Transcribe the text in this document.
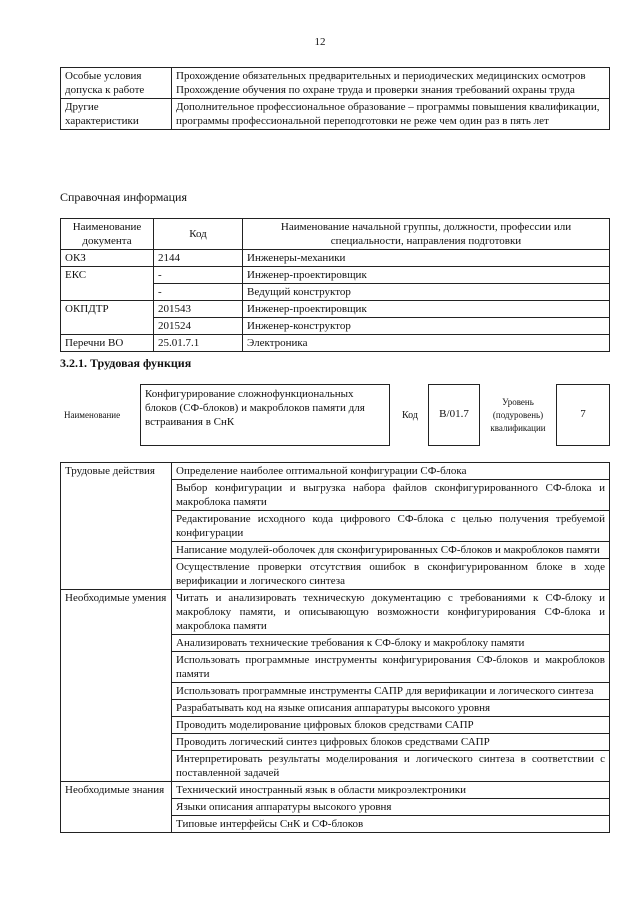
12
Особые условия допуска к работе	Прохождение обязательных предварительных и периодических медицинских осмотров
Прохождение обучения по охране труда и проверки знания требований охраны труда

Другие характеристики	Дополнительное профессиональное образование – программы повышения квалификации, программы профессиональной переподготовки не реже чем один раз в пять лет
Справочная информация
Наименование документа	Код	Наименование начальной группы, должности, профессии или специальности, направления подготовки
ОКЗ	2144	Инженеры-механики
ЕКС	-	Инженер-проектировщик
	-	Ведущий конструктор
ОКПДТР	201543	Инженер-проектировщик
	201524	Инженер-конструктор
Перечни ВО	25.01.7.1	Электроника
3.2.1. Трудовая функция
Наименование
Конфигурирование сложнофункциональных блоков (СФ-блоков) и макроблоков памяти для встраивания в СнК
Код	B/01.7
Уровень (подуровень) квалификации
7
Трудовые действия	Определение наиболее оптимальной конфигурации СФ-блока
	Выбор конфигурации и выгрузка набора файлов сконфигурированного СФ-блока и макроблока памяти
	Редактирование исходного кода цифрового СФ-блока с целью получения требуемой конфигурации
	Написание модулей-оболочек для сконфигурированных СФ-блоков и макроблоков памяти
	Осуществление проверки отсутствия ошибок в сконфигурированном блоке в ходе верификации и логического синтеза
Необходимые умения	Читать и анализировать техническую документацию с требованиями к СФ-блоку и макроблоку памяти, и описывающую возможности конфигурирования СФ-блока и макроблока памяти
	Анализировать технические требования к СФ-блоку и макроблоку памяти
	Использовать программные инструменты конфигурирования СФ-блоков и макроблоков памяти
	Использовать программные инструменты САПР для верификации и логического синтеза
	Разрабатывать код на языке описания аппаратуры высокого уровня
	Проводить моделирование цифровых блоков средствами САПР
	Проводить логический синтез цифровых блоков средствами САПР
	Интерпретировать результаты моделирования и логического синтеза в соответствии с поставленной задачей
Необходимые знания	Технический иностранный язык в области микроэлектроники
	Языки описания аппаратуры высокого уровня
	Типовые интерфейсы СнК и СФ-блоков
